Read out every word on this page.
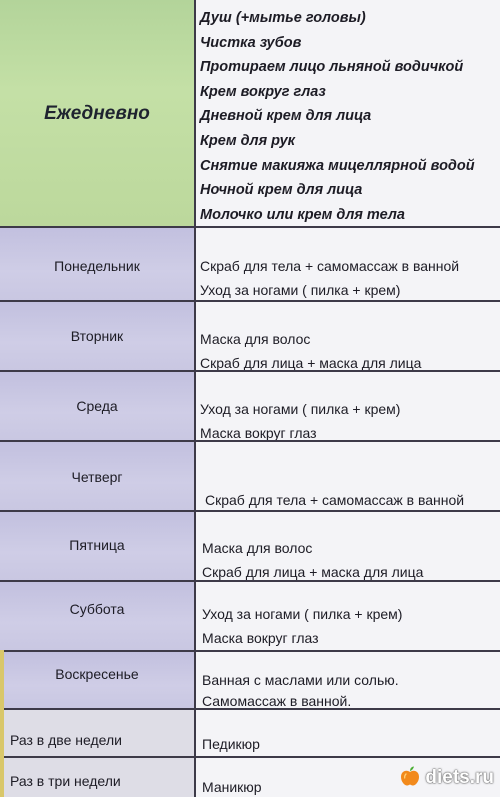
Ежедневно
Душ (+мытье головы)
Чистка зубов
Протираем лицо льняной водичкой
Крем вокруг глаз
Дневной крем для лица
Крем для рук
Снятие макияжа мицеллярной водой
Ночной крем для лица
Молочко или крем для тела
Понедельник	Скраб для тела + самомассаж в ванной
Уход за ногами ( пилка + крем)
Вторник	Маска для волос
Скраб для лица + маска для лица
Среда	Уход за ногами ( пилка + крем)
Маска вокруг глаз
Четверг
Скраб для тела + самомассаж в ванной
Пятница	Маска для волос
Скраб для лица + маска для лица
Суббота	Уход за ногами ( пилка + крем)
Маска вокруг глаз
Воскресенье	Ванная с маслами или солью.
Самомассаж в ванной.
Раз в две недели	Педикюр
Раз в три недели	Маникюр	diets.ru
